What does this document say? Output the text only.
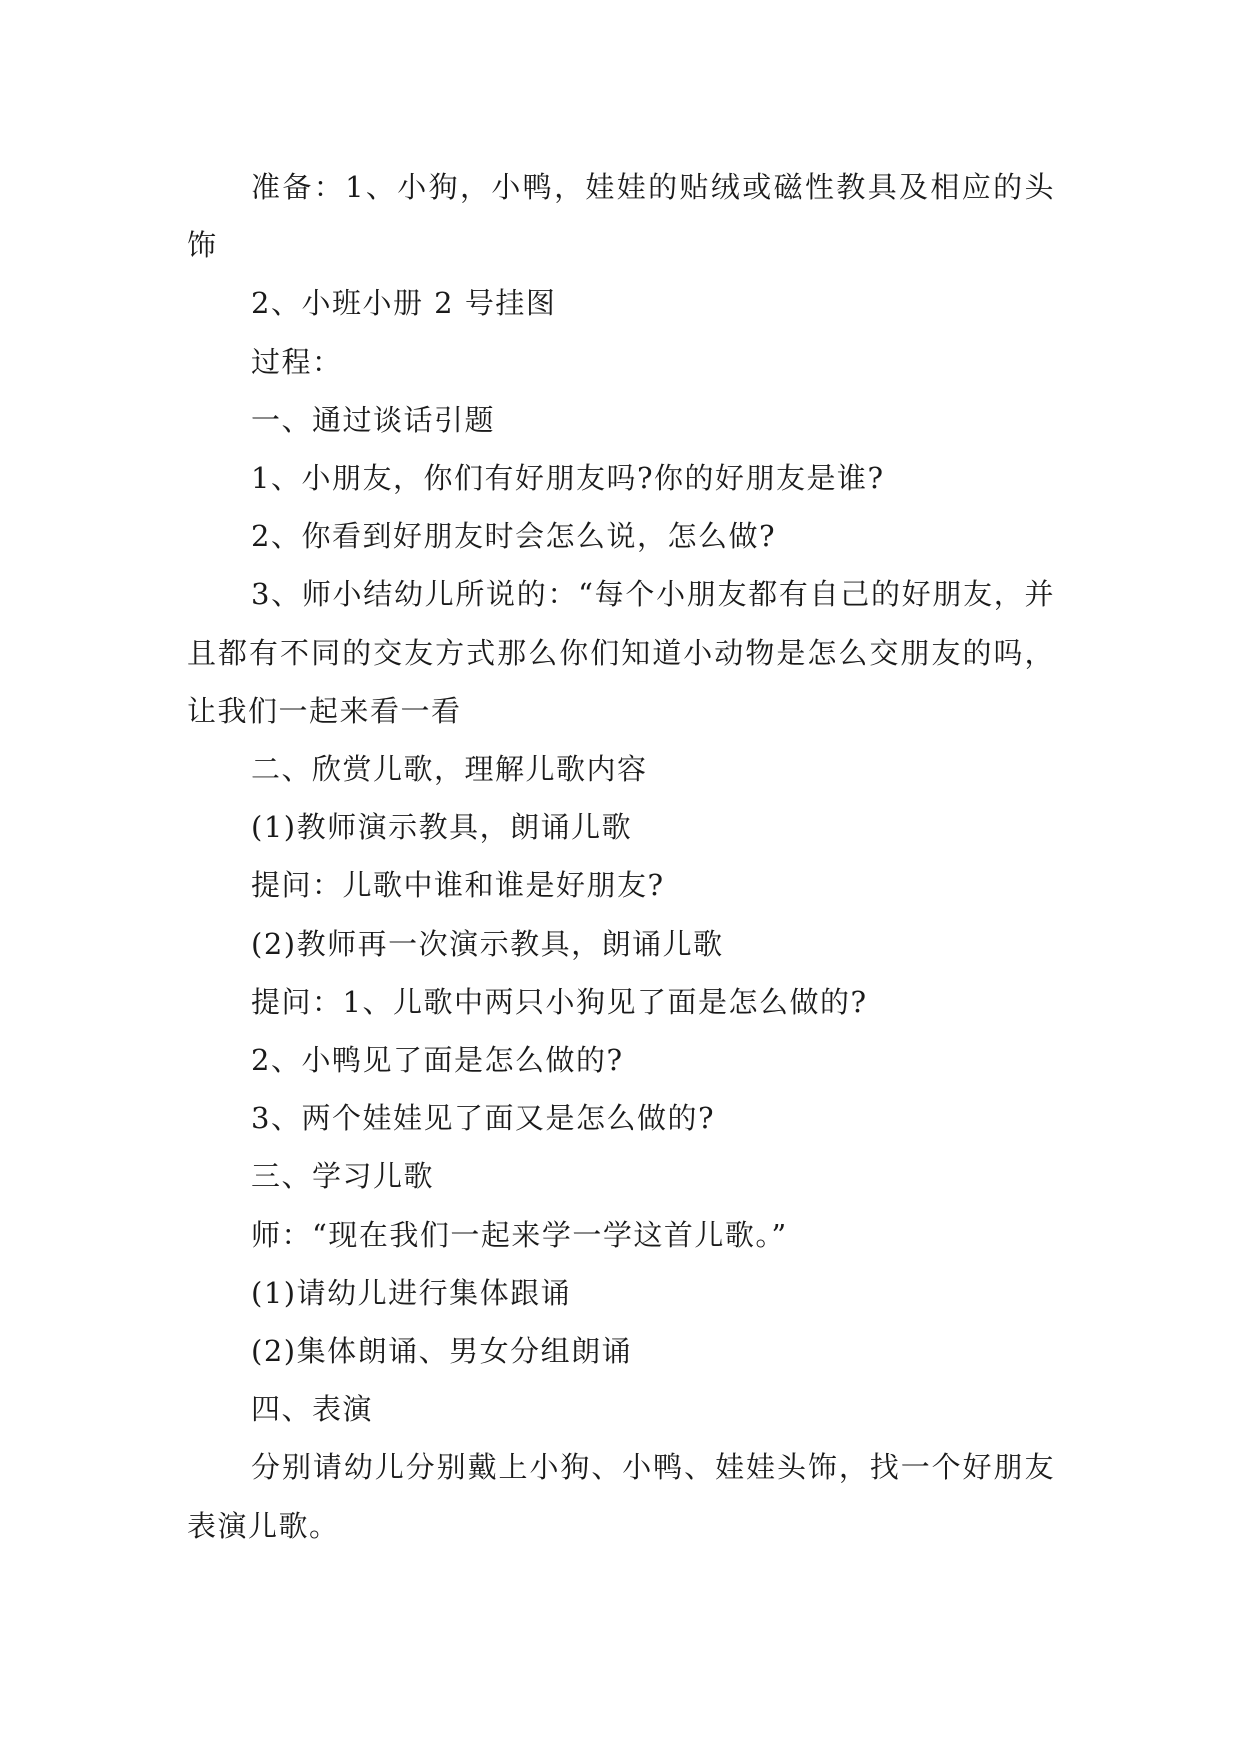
准备：1、小狗，小鸭，娃娃的贴绒或磁性教具及相应的头饰

2、小班小册 2 号挂图

过程：

一、通过谈话引题

1、小朋友，你们有好朋友吗?你的好朋友是谁?

2、你看到好朋友时会怎么说，怎么做?

3、师小结幼儿所说的：“每个小朋友都有自己的好朋友，并且都有不同的交友方式那么你们知道小动物是怎么交朋友的吗，让我们一起来看一看

二、欣赏儿歌，理解儿歌内容

(1)教师演示教具，朗诵儿歌

提问：儿歌中谁和谁是好朋友?

(2)教师再一次演示教具，朗诵儿歌

提问：1、儿歌中两只小狗见了面是怎么做的?

2、小鸭见了面是怎么做的?

3、两个娃娃见了面又是怎么做的?

三、学习儿歌

师：“现在我们一起来学一学这首儿歌。”

(1)请幼儿进行集体跟诵

(2)集体朗诵、男女分组朗诵

四、表演

分别请幼儿分别戴上小狗、小鸭、娃娃头饰，找一个好朋友表演儿歌。
